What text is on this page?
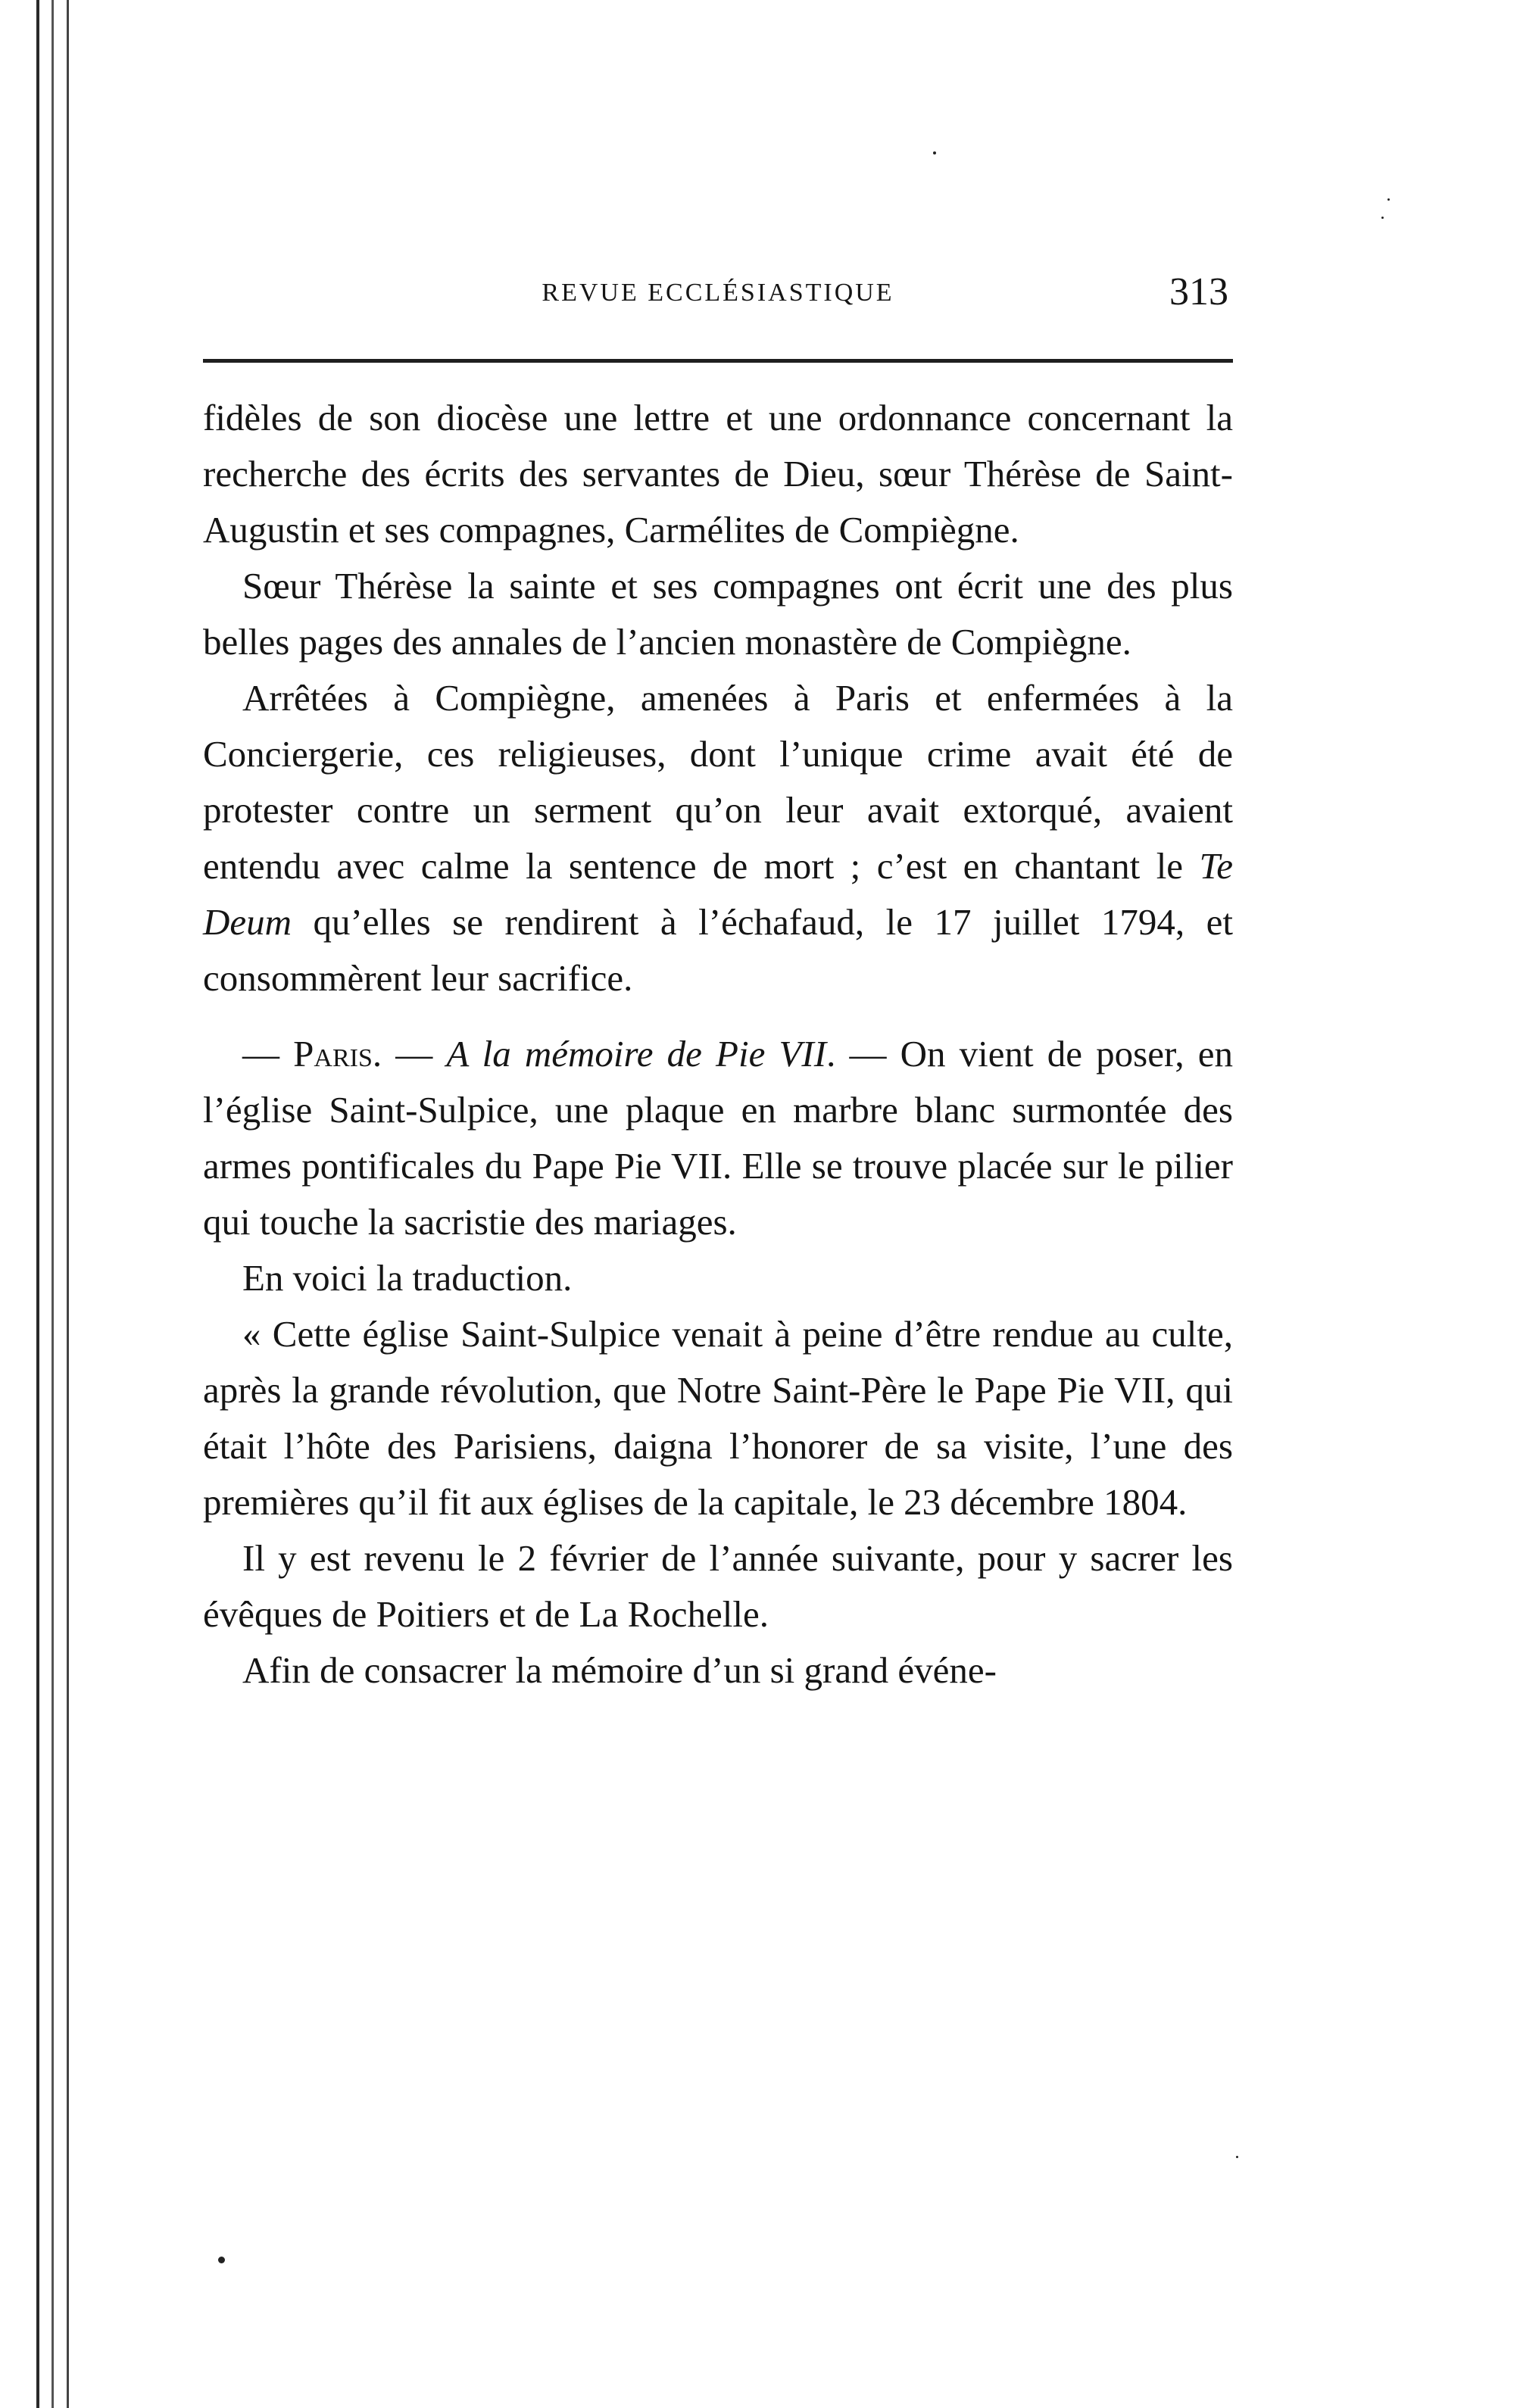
REVUE ECCLÉSIASTIQUE	313

fidèles de son diocèse une lettre et une ordonnance concernant la recherche des écrits des servantes de Dieu, sœur Thérèse de Saint-Augustin et ses compagnes, Carmélites de Compiègne.

Sœur Thérèse la sainte et ses compagnes ont écrit une des plus belles pages des annales de l’ancien monastère de Compiègne.

Arrêtées à Compiègne, amenées à Paris et enfermées à la Conciergerie, ces religieuses, dont l’unique crime avait été de protester contre un serment qu’on leur avait extorqué, avaient entendu avec calme la sentence de mort ; c’est en chantant le Te Deum qu’elles se rendirent à l’échafaud, le 17 juillet 1794, et consommèrent leur sacrifice.

— Paris. — A la mémoire de Pie VII. — On vient de poser, en l’église Saint-Sulpice, une plaque en marbre blanc surmontée des armes pontificales du Pape Pie VII. Elle se trouve placée sur le pilier qui touche la sacristie des mariages.

En voici la traduction.

« Cette église Saint-Sulpice venait à peine d’être rendue au culte, après la grande révolution, que Notre Saint-Père le Pape Pie VII, qui était l’hôte des Parisiens, daigna l’honorer de sa visite, l’une des premières qu’il fit aux églises de la capitale, le 23 décembre 1804.

Il y est revenu le 2 février de l’année suivante, pour y sacrer les évêques de Poitiers et de La Rochelle.

Afin de consacrer la mémoire d’un si grand événe-
